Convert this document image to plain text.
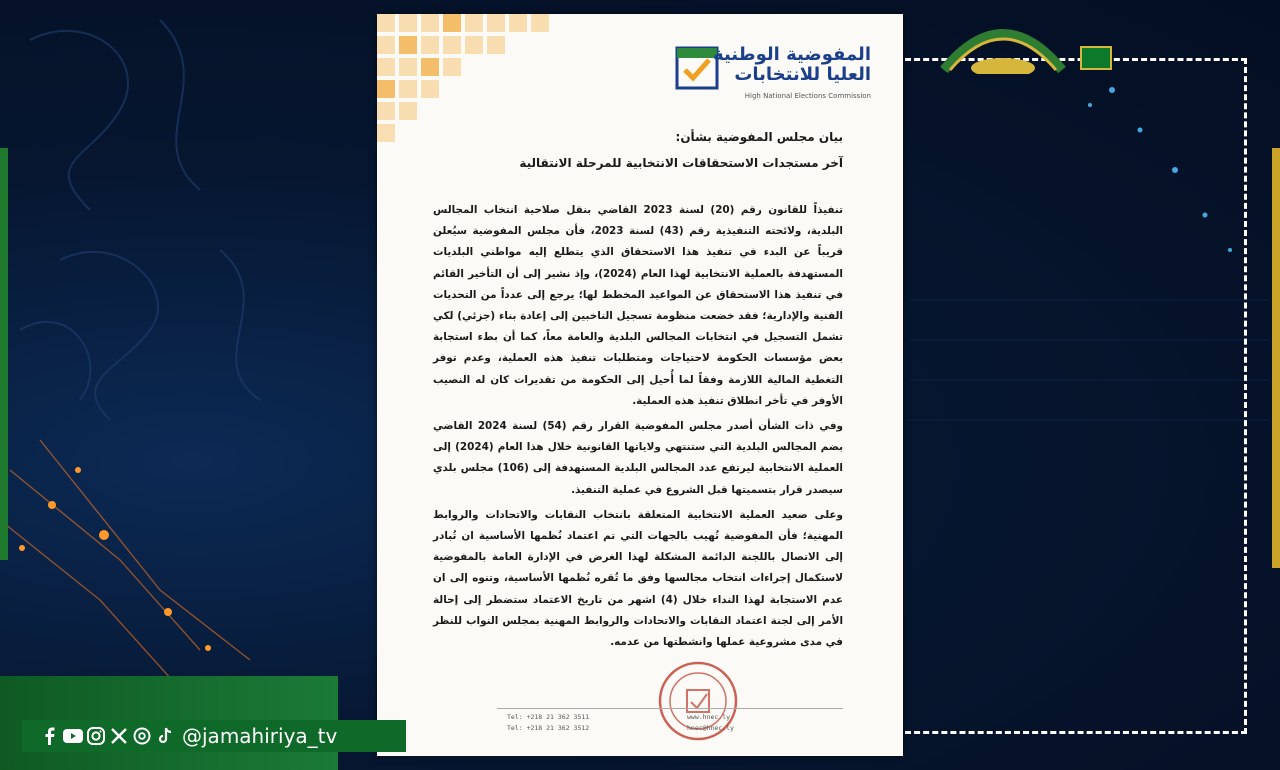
المفوضية الوطنية
العليا للانتخابات
High National Elections Commission
بيان مجلس المفوضية بشأن:
آخر مستجدات الاستحقاقات الانتخابية للمرحلة الانتقالية

تنفيذاً للقانون رقم (20) لسنة 2023 القاضي بنقل صلاحية انتخاب المجالس البلدية، ولائحته التنفيذية رقم (43) لسنة 2023، فأن مجلس المفوضية سيُعلن قريباً عن البدء في تنفيذ هذا الاستحقاق الذي يتطلع إليه مواطني البلديات المستهدفة بالعملية الانتخابية لهذا العام (2024)، وإذ نشير إلى أن التأخير القائم في تنفيذ هذا الاستحقاق عن المواعيد المخطط لها؛ يرجع إلى عدداً من التحديات الفنية والإدارية؛ فقد خضعت منظومة تسجيل الناخبين إلى إعادة بناء (جزئي) لكي تشمل التسجيل في انتخابات المجالس البلدية والعامة معاً، كما أن بطء استجابة بعض مؤسسات الحكومة لاحتياجات ومتطلبات تنفيذ هذه العملية، وعدم توفر التغطية المالية اللازمة وفقاً لما أُحيل إلى الحكومة من تقديرات كان له النصيب الأوفر في تأخر انطلاق تنفيذ هذه العملية.

وفي ذات الشأن أصدر مجلس المفوضية القرار رقم (54) لسنة 2024 القاضي بضم المجالس البلدية التي ستنتهي ولاياتها القانونية خلال هذا العام (2024) إلى العملية الانتخابية ليرتفع عدد المجالس البلدية المستهدفة إلى (106) مجلس بلدي سيصدر قرار بتسميتها قبل الشروع في عملية التنفيذ.

وعلى صعيد العملية الانتخابية المتعلقة بانتخاب النقابات والاتحادات والروابط المهنية؛ فأن المفوضية تُهيب بالجهات التي تم اعتماد نُظمها الأساسية ان تُبادر إلى الاتصال باللجنة الدائمة المشكلة لهذا الغرض في الإدارة العامة بالمفوضية لاستكمال إجراءات انتخاب مجالسها وفق ما تُقره نُظمها الأساسية، وتنوه إلى ان عدم الاستجابة لهذا النداء خلال (4) اشهر من تاريخ الاعتماد ستضطر إلى إحالة الأمر إلى لجنة اعتماد النقابات والاتحادات والروابط المهنية بمجلس النواب للنظر في مدى مشروعية عملها وانشطتها من عدمه.

Tel: +218 21 362 3511
Tel: +218 21 362 3512
www.hnec.ly
hnec@hnec.ly
@jamahiriya_tv
